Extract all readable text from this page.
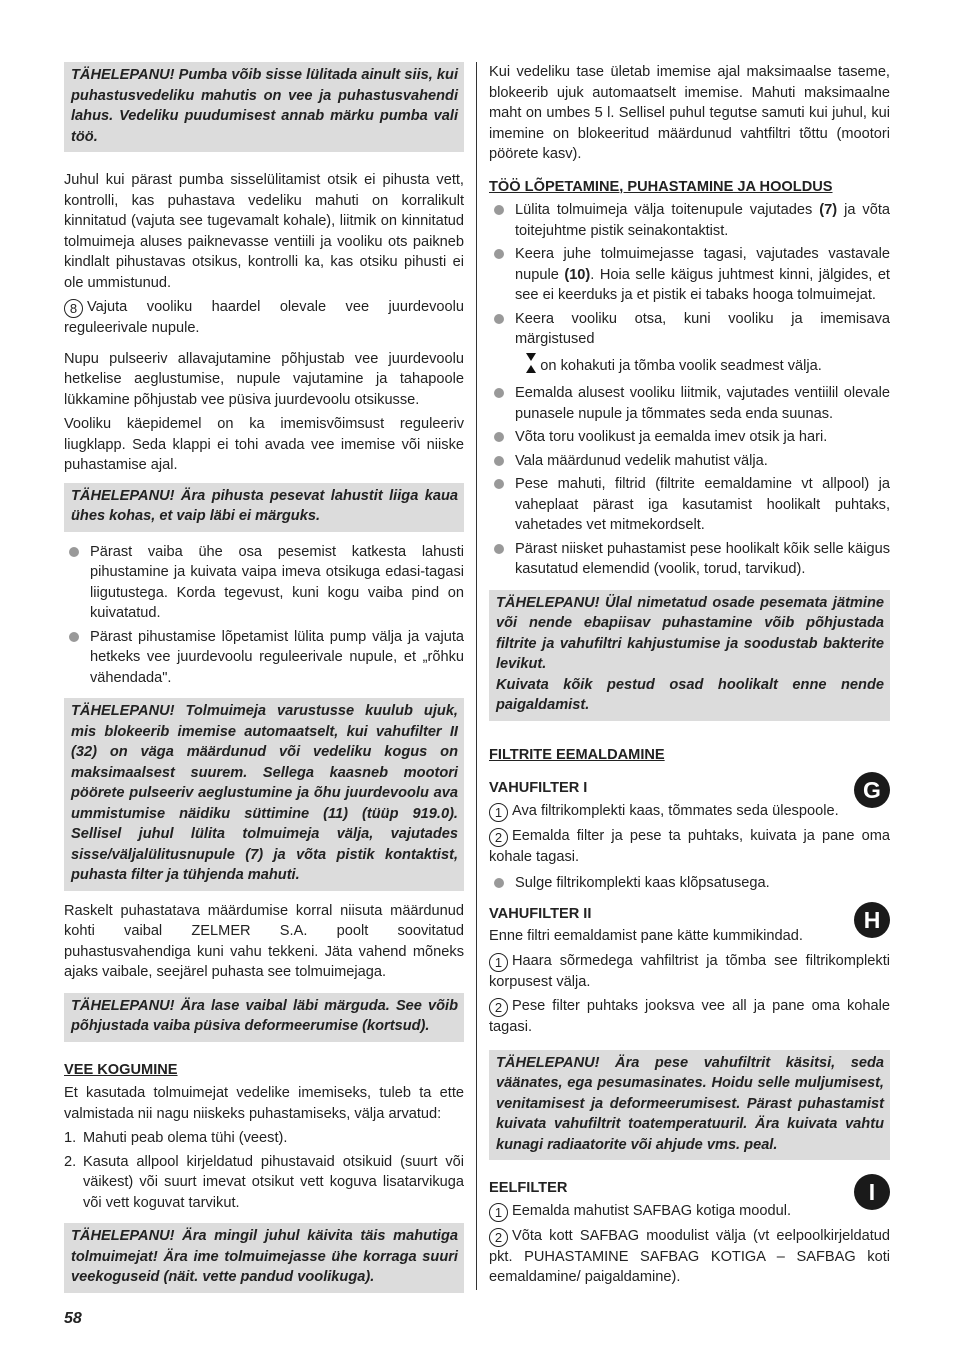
TÄHELEPANU! Pumba võib sisse lülitada ainult siis, kui puhastusvedeliku mahutis on vee ja puhastusvahendi lahus. Vedeliku puudumisest annab märku pumba vali töö.

Juhul kui pärast pumba sisselülitamist otsik ei pihusta vett, kontrolli, kas puhastava vedeliku mahuti on korralikult kinnitatud (vajuta see tugevamalt kohale), liitmik on kinnitatud tolmuimeja aluses paiknevasse ventiili ja vooliku ots paikneb kindlalt pihustavas otsikus, kontrolli ka, kas otsiku pihusti ei ole ummistunud.

8 Vajuta vooliku haardel olevale vee juurdevoolu reguleerivale nupule.

Nupu pulseeriv allavajutamine põhjustab vee juurdevoolu hetkelise aeglustumise, nupule vajutamine ja tahapoole lükkamine põhjustab vee püsiva juurdevoolu otsikusse.

Vooliku käepidemel on ka imemisvõimsust reguleeriv liugklapp. Seda klappi ei tohi avada vee imemise või niiske puhastamise ajal.

TÄHELEPANU! Ära pihusta pesevat lahustit liiga kaua ühes kohas, et vaip läbi ei märguks.

Pärast vaiba ühe osa pesemist katkesta lahusti pihustamine ja kuivata vaipa imeva otsikuga edasi-tagasi liigutustega. Korda tegevust, kuni kogu vaiba pind on kuivatatud.
Pärast pihustamise lõpetamist lülita pump välja ja vajuta hetkeks vee juurdevoolu reguleerivale nupule, et „rõhku vähendada".

TÄHELEPANU! Tolmuimeja varustusse kuulub ujuk, mis blokeerib imemise automaatselt, kui vahufilter II (32) on väga määrdunud või vedeliku kogus on maksimaalsest suurem. Sellega kaasneb mootori pöörete pulseeriv aeglustumine ja õhu juurdevoolu ava ummistumise näidiku süttimine (11) (tüüp 919.0). Sellisel juhul lülita tolmuimeja välja, vajutades sisse/väljalülitusnupule (7) ja võta pistik kontaktist, puhasta filter ja tühjenda mahuti.

Raskelt puhastatava määrdumise korral niisuta määrdunud kohti vaibal ZELMER S.A. poolt soovitatud puhastusvahendiga kuni vahu tekkeni. Jäta vahend mõneks ajaks vaibale, seejärel puhasta see tolmuimejaga.

TÄHELEPANU! Ära lase vaibal läbi märguda. See võib põhjustada vaiba püsiva deformeerumise (kortsud).

VEE KOGUMINE

Et kasutada tolmuimejat vedelike imemiseks, tuleb ta ette valmistada nii nagu niiskeks puhastamiseks, välja arvatud:

1. Mahuti peab olema tühi (veest).
2. Kasuta allpool kirjeldatud pihustavaid otsikuid (suurt või väikest) või suurt imevat otsikut vett koguva lisatarvikuga või vett koguvat tarvikut.

TÄHELEPANU! Ära mingil juhul käivita täis mahutiga tolmuimejat! Ära ime tolmuimejasse ühe korraga suuri veekoguseid (näit. vette pandud voolikuga).

Kui vedeliku tase ületab imemise ajal maksimaalse taseme, blokeerib ujuk automaatselt imemise. Mahuti maksimaalne maht on umbes 5 l. Sellisel puhul tegutse samuti kui juhul, kui imemine on blokeeritud määrdunud vahtfiltri tõttu (mootori pöörete kasv).

TÖÖ LÕPETAMINE, PUHASTAMINE JA HOOLDUS
Lülita tolmuimeja välja toitenupule vajutades (7) ja võta toitejuhtme pistik seinakontaktist.
Keera juhe tolmuimejasse tagasi, vajutades vastavale nupule (10). Hoia selle käigus juhtmest kinni, jälgides, et see ei keerduks ja et pistik ei tabaks hooga tolmuimejat.
Keera vooliku otsa, kuni vooliku ja imemisava märgistused
on kohakuti ja tõmba voolik seadmest välja.
Eemalda alusest vooliku liitmik, vajutades ventiilil olevale punasele nupule ja tõmmates seda enda suunas.
Võta toru voolikust ja eemalda imev otsik ja hari.
Vala määrdunud vedelik mahutist välja.
Pese mahuti, filtrid (filtrite eemaldamine vt allpool) ja vaheplaat pärast iga kasutamist hoolikalt puhtaks, vahetades vet mitmekordselt.
Pärast niisket puhastamist pese hoolikalt kõik selle käigus kasutatud elemendid (voolik, torud, tarvikud).

TÄHELEPANU! Ülal nimetatud osade pesemata jätmine või nende ebapiisav puhastamine võib põhjustada filtrite ja vahufiltri kahjustumise ja soodustab bakterite levikut.

Kuivata kõik pestud osad hoolikalt enne nende paigaldamist.

FILTRITE EEMALDAMINE
G
VAHUFILTER I

1 Ava filtrikomplekti kaas, tõmmates seda ülespoole.

2 Eemalda filter ja pese ta puhtaks, kuivata ja pane oma kohale tagasi.

Sulge filtrikomplekti kaas klõpsatusega.
H
VAHUFILTER II

Enne filtri eemaldamist pane kätte kummikindad.

1 Haara sõrmedega vahfiltrist ja tõmba see filtrikomplekti korpusest välja.

2 Pese filter puhtaks jooksva vee all ja pane oma kohale tagasi.

TÄHELEPANU! Ära pese vahufiltrit käsitsi, seda väänates, ega pesumasinates. Hoidu selle muljumisest, venitamisest ja deformeerumisest. Pärast puhastamist kuivata vahufiltrit toatemperatuuril. Ära kuivata vahtu kunagi radiaatorite või ahjude vms. peal.

I
EELFILTER

1 Eemalda mahutist SAFBAG kotiga moodul.

2 Võta kott SAFBAG moodulist välja (vt eelpoolkirjeldatud pkt. PUHASTAMINE SAFBAG KOTIGA – SAFBAG koti eemaldamine/ paigaldamine).

58
